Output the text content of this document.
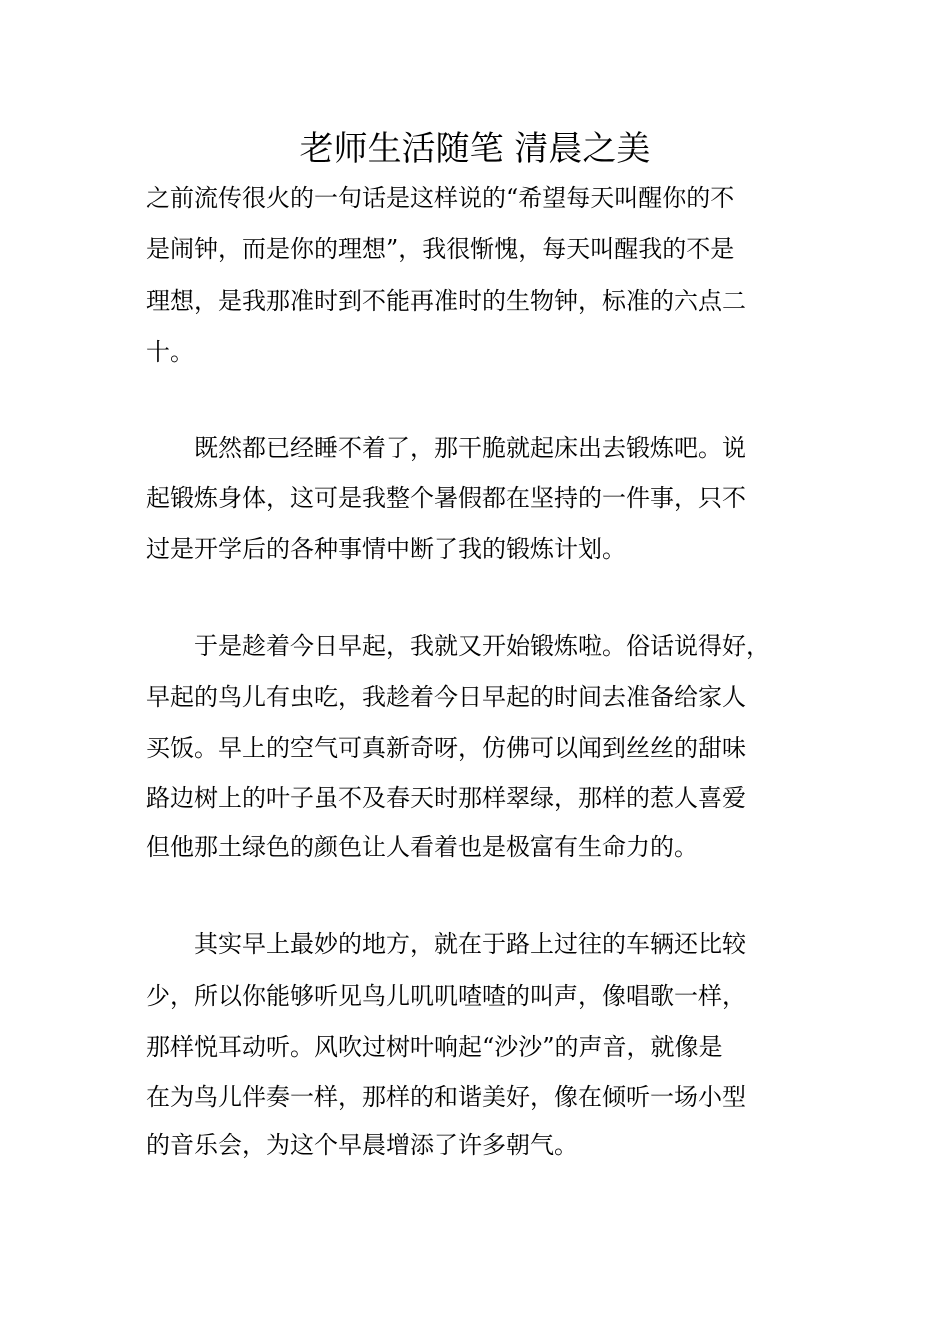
老师生活随笔 清晨之美

之前流传很火的一句话是这样说的“希望每天叫醒你的不

是闹钟，而是你的理想”，我很惭愧，每天叫醒我的不是

理想，是我那准时到不能再准时的生物钟，标准的六点二

十。

　　既然都已经睡不着了，那干脆就起床出去锻炼吧。说

起锻炼身体，这可是我整个暑假都在坚持的一件事，只不

过是开学后的各种事情中断了我的锻炼计划。

　　于是趁着今日早起，我就又开始锻炼啦。俗话说得好，

早起的鸟儿有虫吃，我趁着今日早起的时间去准备给家人

买饭。早上的空气可真新奇呀，仿佛可以闻到丝丝的甜味

路边树上的叶子虽不及春天时那样翠绿，那样的惹人喜爱

但他那土绿色的颜色让人看着也是极富有生命力的。

　　其实早上最妙的地方，就在于路上过往的车辆还比较

少，所以你能够听见鸟儿叽叽喳喳的叫声，像唱歌一样，

那样悦耳动听。风吹过树叶响起“沙沙”的声音，就像是

在为鸟儿伴奏一样，那样的和谐美好，像在倾听一场小型

的音乐会，为这个早晨增添了许多朝气。
